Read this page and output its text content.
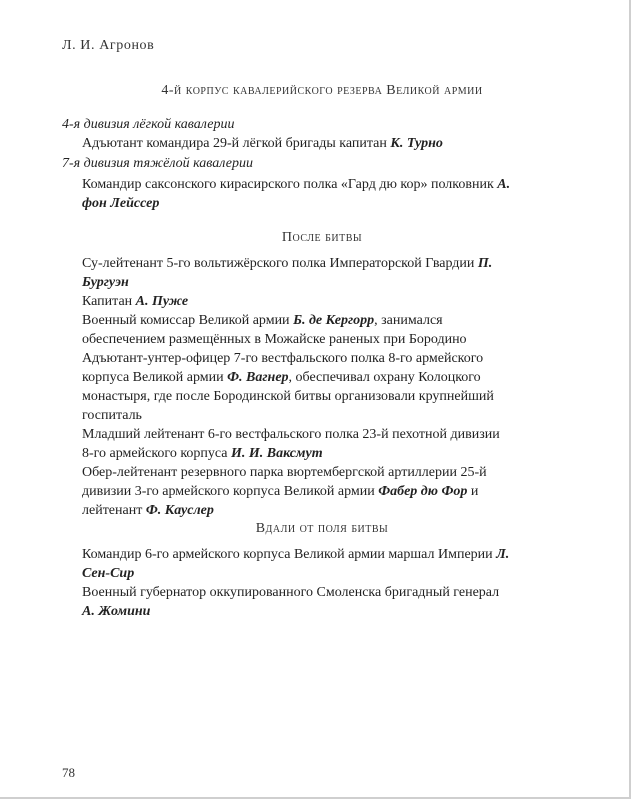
Л. И. Агронов
4-й корпус кавалерийского резерва Великой армии
4-я дивизия лёгкой кавалерии

Адъютант командира 29-й лёгкой бригады капитан К. Турно

7-я дивизия тяжёлой кавалерии

Командир саксонского кирасирского полка «Гард дю кор» полковник А. фон Лейссер

После битвы

Су-лейтенант 5-го вольтижёрского полка Императорской Гвардии П. Бургуэн

Капитан А. Пуже

Военный комиссар Великой армии Б. де Кергорр, занимался обеспечением размещённых в Можайске раненых при Бородино

Адъютант-унтер-офицер 7-го вестфальского полка 8-го армейского корпуса Великой армии Ф. Вагнер, обеспечивал охрану Колоцкого монастыря, где после Бородинской битвы организовали крупнейший госпиталь

Младший лейтенант 6-го вестфальского полка 23-й пехотной дивизии 8-го армейского корпуса И. И. Ваксмут

Обер-лейтенант резервного парка вюртембергской артиллерии 25-й дивизии 3-го армейского корпуса Великой армии Фабер дю Фор и лейтенант Ф. Кауслер

Вдали от поля битвы

Командир 6-го армейского корпуса Великой армии маршал Империи Л. Сен-Сир

Военный губернатор оккупированного Смоленска бригадный генерал А. Жомини

78
